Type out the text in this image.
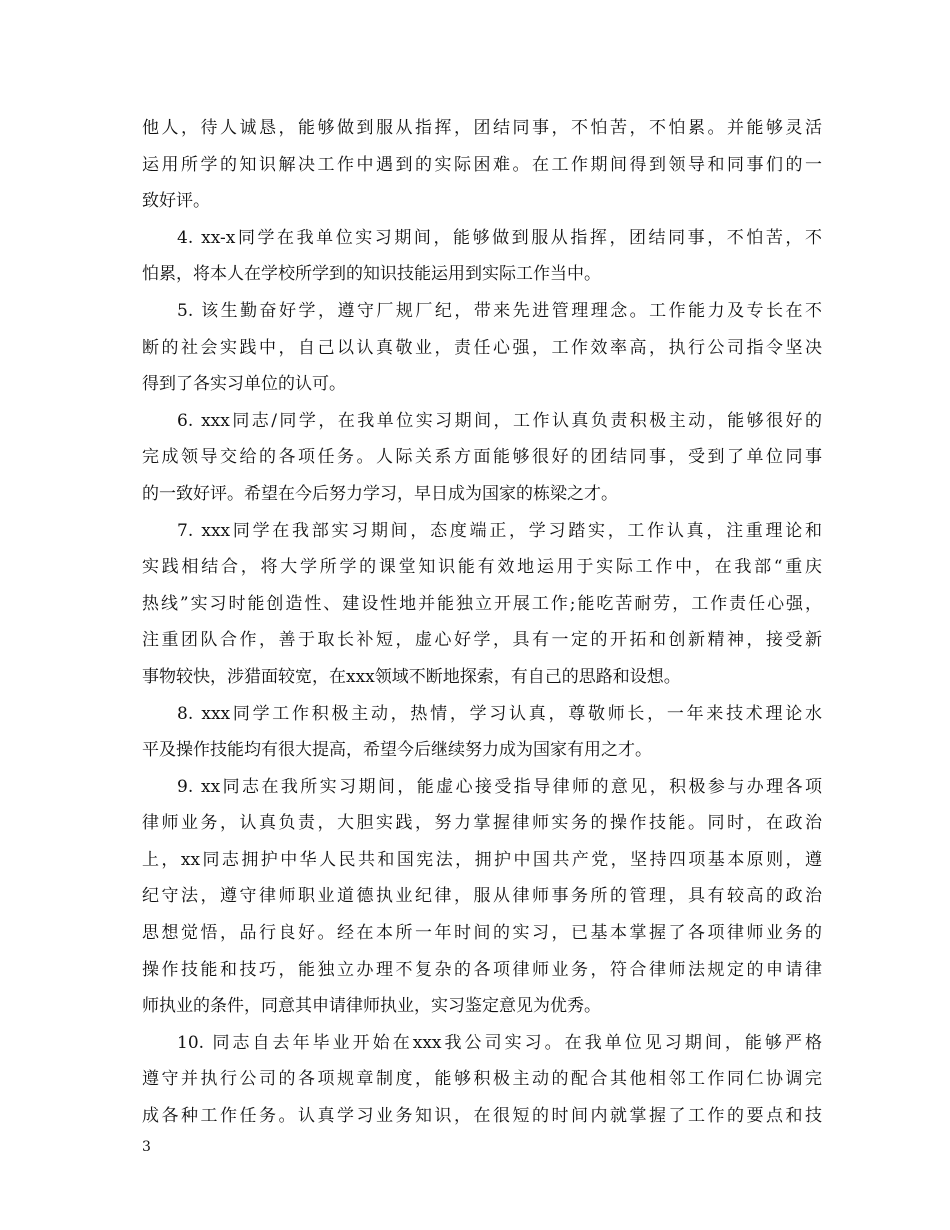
他人，待人诚恳，能够做到服从指挥，团结同事，不怕苦，不怕累。并能够灵活
运用所学的知识解决工作中遇到的实际困难。在工作期间得到领导和同事们的一
致好评。
4. xx-x同学在我单位实习期间，能够做到服从指挥，团结同事，不怕苦，不
怕累，将本人在学校所学到的知识技能运用到实际工作当中。
5. 该生勤奋好学，遵守厂规厂纪，带来先进管理理念。工作能力及专长在不
断的社会实践中，自己以认真敬业，责任心强，工作效率高，执行公司指令坚决
得到了各实习单位的认可。
6. xxx同志/同学，在我单位实习期间，工作认真负责积极主动，能够很好的
完成领导交给的各项任务。人际关系方面能够很好的团结同事，受到了单位同事
的一致好评。希望在今后努力学习，早日成为国家的栋梁之才。
7. xxx同学在我部实习期间，态度端正，学习踏实，工作认真，注重理论和
实践相结合，将大学所学的课堂知识能有效地运用于实际工作中，在我部“重庆
热线”实习时能创造性、建设性地并能独立开展工作;能吃苦耐劳，工作责任心强，
注重团队合作，善于取长补短，虚心好学，具有一定的开拓和创新精神，接受新
事物较快，涉猎面较宽，在xxx领域不断地探索，有自己的思路和设想。
8. xxx同学工作积极主动，热情，学习认真，尊敬师长，一年来技术理论水
平及操作技能均有很大提高，希望今后继续努力成为国家有用之才。
9. xx同志在我所实习期间，能虚心接受指导律师的意见，积极参与办理各项
律师业务，认真负责，大胆实践，努力掌握律师实务的操作技能。同时，在政治
上，xx同志拥护中华人民共和国宪法，拥护中国共产党，坚持四项基本原则，遵
纪守法，遵守律师职业道德执业纪律，服从律师事务所的管理，具有较高的政治
思想觉悟，品行良好。经在本所一年时间的实习，已基本掌握了各项律师业务的
操作技能和技巧，能独立办理不复杂的各项律师业务，符合律师法规定的申请律
师执业的条件，同意其申请律师执业，实习鉴定意见为优秀。
10. 同志自去年毕业开始在xxx我公司实习。在我单位见习期间，能够严格
遵守并执行公司的各项规章制度，能够积极主动的配合其他相邻工作同仁协调完
成各种工作任务。认真学习业务知识，在很短的时间内就掌握了工作的要点和技
3
